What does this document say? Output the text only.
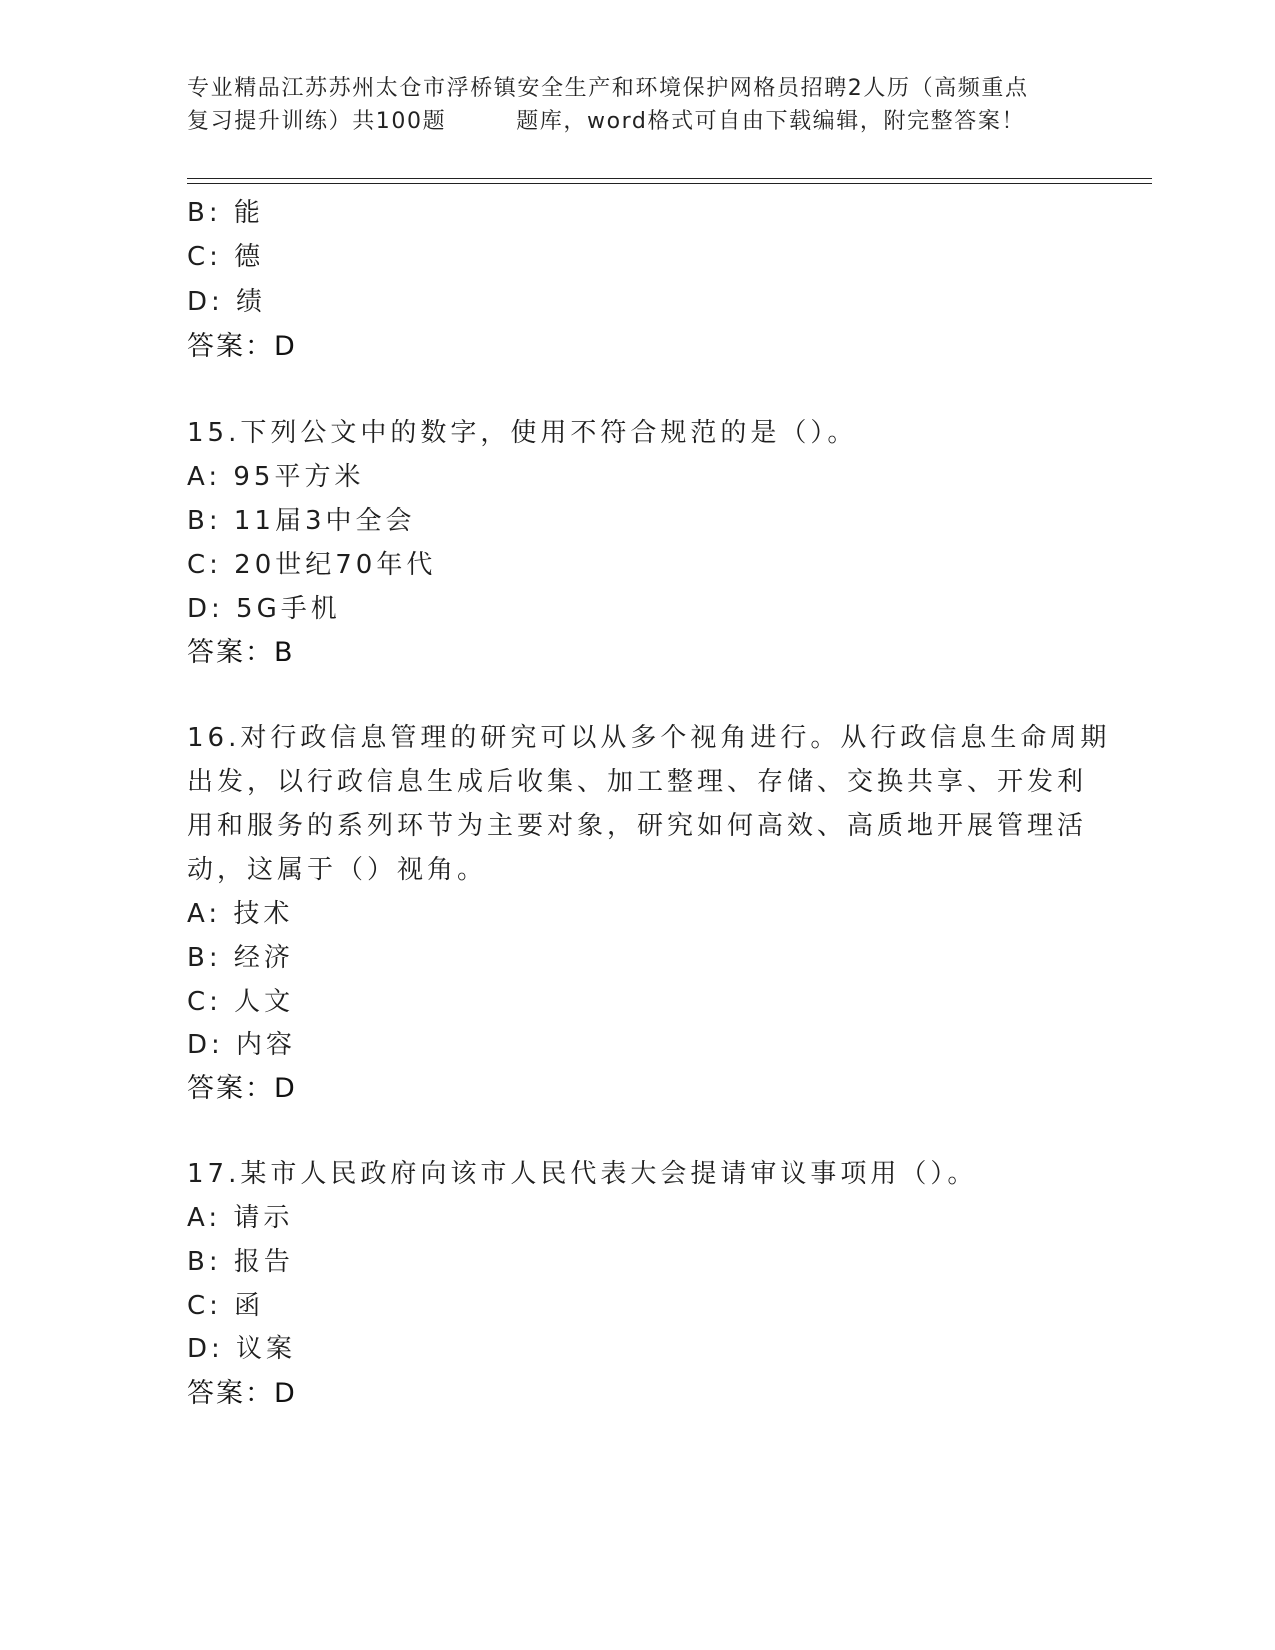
专业精品江苏苏州太仓市浮桥镇安全生产和环境保护网格员招聘2人历（高频重点
复习提升训练）共100题	题库，word格式可自由下载编辑，附完整答案！
B: 能
C: 德
D: 绩
答案：D
15.下列公文中的数字，使用不符合规范的是（）。
A: 95平方米
B: 11届3中全会
C: 20世纪70年代
D: 5G手机
答案：B
16.对行政信息管理的研究可以从多个视角进行。从行政信息生命周期
出发，以行政信息生成后收集、加工整理、存储、交换共享、开发利
用和服务的系列环节为主要对象，研究如何高效、高质地开展管理活
动，这属于（）视角。
A: 技术
B: 经济
C: 人文
D: 内容
答案：D
17.某市人民政府向该市人民代表大会提请审议事项用（）。
A: 请示
B: 报告
C: 函
D: 议案
答案：D
